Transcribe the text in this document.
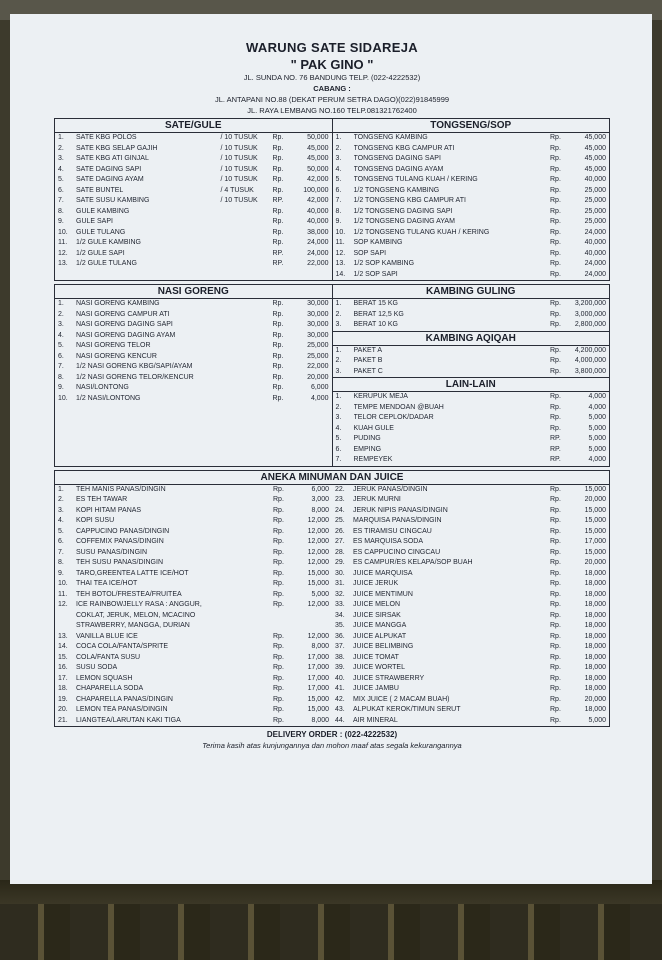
WARUNG SATE SIDAREJA
" PAK GINO "
JL. SUNDA NO. 76 BANDUNG TELP. (022-4222532)
CABANG :
JL. ANTAPANI NO.88 (DEKAT PERUM SETRA DAGO)(022)91845999
JL. RAYA LEMBANG NO.160 TELP.081321762400
SATE/GULE
1.	SATE KBG POLOS	/ 10 TUSUK	Rp.	50,000
2.	SATE KBG SELAP GAJIH	/ 10 TUSUK	Rp.	45,000
3.	SATE KBG ATI GINJAL	/ 10 TUSUK	Rp.	45,000
4.	SATE DAGING SAPI	/ 10 TUSUK	Rp.	50,000
5.	SATE DAGING AYAM	/ 10 TUSUK	Rp.	42,000
6.	SATE BUNTEL	/ 4 TUSUK	Rp.	100,000
7.	SATE SUSU KAMBING	/ 10 TUSUK	RP.	42,000
8.	GULE KAMBING	Rp.	40,000
9.	GULE SAPI	Rp.	40,000
10.	GULE TULANG	Rp.	38,000
11.	1/2 GULE KAMBING	Rp.	24,000
12.	1/2 GULE SAPI	RP.	24,000
13.	1/2 GULE TULANG	RP.	22,000
TONGSENG/SOP
1.	TONGSENG KAMBING	Rp.	45,000
2.	TONGSENG KBG CAMPUR ATI	Rp.	45,000
3.	TONGSENG DAGING SAPI	Rp.	45,000
4.	TONGSENG DAGING AYAM	Rp.	45,000
5.	TONGSENG TULANG KUAH / KERING	Rp.	40,000
6.	1/2 TONGSENG KAMBING	Rp.	25,000
7.	1/2 TONGSENG KBG CAMPUR ATI	Rp.	25,000
8.	1/2 TONGSENG DAGING SAPI	Rp.	25,000
9.	1/2 TONGSENG DAGING AYAM	Rp.	25,000
10.	1/2 TONGSENG TULANG KUAH / KERING	Rp.	24,000
11.	SOP KAMBING	Rp.	40,000
12.	SOP SAPI	Rp.	40,000
13.	1/2 SOP KAMBING	Rp.	24,000
14.	1/2 SOP SAPI	Rp.	24,000
NASI GORENG
1.	NASI GORENG KAMBING	Rp.	30,000
2.	NASI GORENG CAMPUR ATI	Rp.	30,000
3.	NASI GORENG DAGING SAPI	Rp.	30,000
4.	NASI GORENG DAGING AYAM	Rp.	30,000
5.	NASI GORENG TELOR	Rp.	25,000
6.	NASI GORENG KENCUR	Rp.	25,000
7.	1/2 NASI GORENG KBG/SAPI/AYAM	Rp.	22,000
8.	1/2 NASI GORENG TELOR/KENCUR	Rp.	20,000
9.	NASI/LONTONG	Rp.	6,000
10.	1/2 NASI/LONTONG	Rp.	4,000
KAMBING GULING
1.	BERAT 15 KG	Rp.	3,200,000
2.	BERAT 12,5 KG	Rp.	3,000,000
3.	BERAT 10 KG	Rp.	2,800,000
KAMBING AQIQAH
1.	PAKET A	Rp.	4,200,000
2.	PAKET B	Rp.	4,000,000
3.	PAKET C	Rp.	3,800,000
LAIN-LAIN
1.	KERUPUK MEJA	Rp.	4,000
2.	TEMPE MENDOAN @BUAH	Rp.	4,000
3.	TELOR CEPLOK/DADAR	Rp.	5,000
4.	KUAH GULE	Rp.	5,000
5.	PUDING	RP.	5,000
6.	EMPING	RP.	5,000
7.	REMPEYEK	RP.	4,000
ANEKA MINUMAN DAN JUICE
1.	TEH MANIS PANAS/DINGIN	Rp.	6,000
2.	ES TEH TAWAR	Rp.	3,000
3.	KOPI HITAM PANAS	Rp.	8,000
4.	KOPI SUSU	Rp.	12,000
5.	CAPPUCINO PANAS/DINGIN	Rp.	12,000
6.	COFFEMIX PANAS/DINGIN	Rp.	12,000
7.	SUSU PANAS/DINGIN	Rp.	12,000
8.	TEH SUSU PANAS/DINGIN	Rp.	12,000
9.	TARO,GREENTEA LATTE ICE/HOT	Rp.	15,000
10.	THAI TEA ICE/HOT	Rp.	15,000
11.	TEH BOTOL/FRESTEA/FRUITEA	Rp.	5,000
12.	ICE RAINBOWJELLY RASA : ANGGUR,	Rp.	12,000
COKLAT, JERUK, MELON, MCACINO
STRAWBERRY, MANGGA, DURIAN
13.	VANILLA BLUE ICE	Rp.	12,000
14.	COCA COLA/FANTA/SPRITE	Rp.	8,000
15.	COLA/FANTA SUSU	Rp.	17,000
16.	SUSU SODA	Rp.	17,000
17.	LEMON SQUASH	Rp.	17,000
18.	CHAPARELLA SODA	Rp.	17,000
19.	CHAPARELLA PANAS/DINGIN	Rp.	15,000
20.	LEMON TEA PANAS/DINGIN	Rp.	15,000
21.	LIANGTEA/LARUTAN KAKI TIGA	Rp.	8,000
22.	JERUK PANAS/DINGIN	Rp.	15,000
23.	JERUK MURNI	Rp.	20,000
24.	JERUK NIPIS PANAS/DINGIN	Rp.	15,000
25.	MARQUISA PANAS/DINGIN	Rp.	15,000
26.	ES TIRAMISU CINGCAU	Rp.	15,000
27.	ES MARQUISA SODA	Rp.	17,000
28.	ES CAPPUCINO CINGCAU	Rp.	15,000
29.	ES CAMPUR/ES KELAPA/SOP BUAH	Rp.	20,000
30.	JUICE MARQUISA	Rp.	18,000
31.	JUICE JERUK	Rp.	18,000
32.	JUICE MENTIMUN	Rp.	18,000
33.	JUICE MELON	Rp.	18,000
34.	JUICE SIRSAK	Rp.	18,000
35.	JUICE MANGGA	Rp.	18,000
36.	JUICE ALPUKAT	Rp.	18,000
37.	JUICE BELIMBING	Rp.	18,000
38.	JUICE TOMAT	Rp.	18,000
39.	JUICE WORTEL	Rp.	18,000
40.	JUICE STRAWBERRY	Rp.	18,000
41.	JUICE JAMBU	Rp.	18,000
42.	MIX JUICE ( 2 MACAM BUAH)	Rp.	20,000
43.	ALPUKAT KEROK/TIMUN SERUT	Rp.	18,000
44.	AIR MINERAL	Rp.	5,000
DELIVERY ORDER : (022-4222532)
Terima kasih atas kunjungannya dan mohon maaf atas segala kekurangannya
